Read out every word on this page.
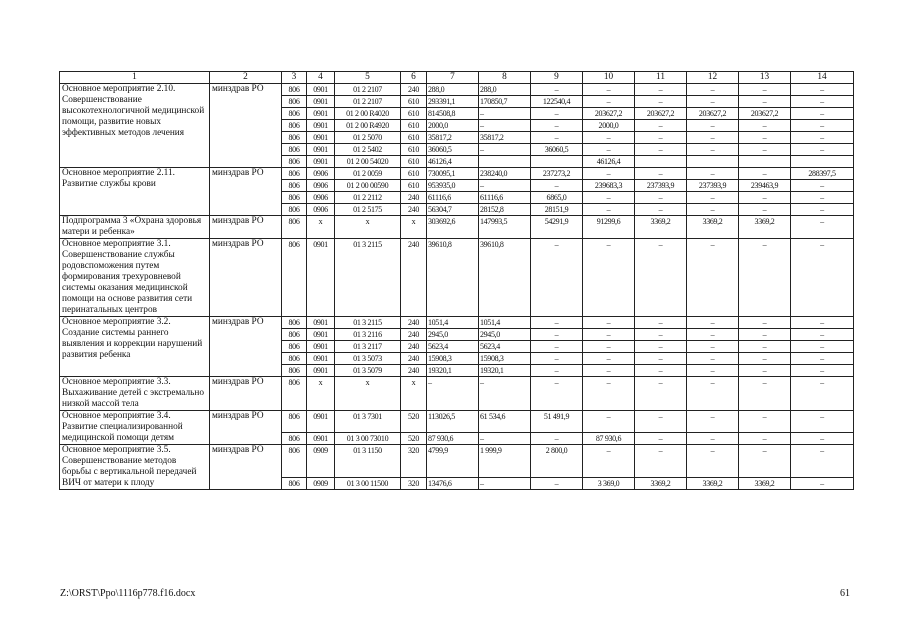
1	2	3	4	5	6	7	8	9	10	11	12	13	14
Основное мероприятие 2.10. Совершенствование высокотехнологичной медицинской помощи, развитие новых эффективных методов лечения	минздрав РО	806	0901	01 2 2107	240	288,0	288,0	–	–	–	–	–	–
		806	0901	01 2 2107	610	293391,1	170850,7	122540,4	–	–	–	–	–
		806	0901	01 2 00 R4020	610	814508,8	–	–	203627,2	203627,2	203627,2	203627,2	–
		806	0901	01 2 00 R4920	610	2000,0	–	–	2000,0	–	–	–	–
		806	0901	01 2 5070	610	35817,2	35817,2	–	–	–	–	–	–
		806	0901	01 2 5402	610	36060,5	–	36060,5	–	–	–	–	–
		806	0901	01 2 00 54020	610	46126,4			46126,4				
Основное мероприятие 2.11. Развитие службы крови	минздрав РО	806	0906	01 2 0059	610	730095,1	238240,0	237273,2	–	–	–	–	288397,5
		806	0906	01 2 00 00590	610	953935,0	–	–	239683,3	237393,9	237393,9	239463,9	–
		806	0906	01 2 2112	240	61116,6	61116,6	6865,0	–	–	–	–	–
		806	0906	01 2 5175	240	56304,7	28152,8	28151,9	–	–	–	–	–
Подпрограмма 3 «Охрана здоровья матери и ребенка»	минздрав РО	806	х	х	х	303692,6	147993,5	54291,9	91299,6	3369,2	3369,2	3369,2	–
Основное мероприятие 3.1. Совершенствование службы родовспоможения путем формирования трехуровневой системы оказания медицинской помощи на основе развития сети перинатальных центров	минздрав РО	806	0901	01 3 2115	240	39610,8	39610,8	–	–	–	–	–	–
Основное мероприятие 3.2. Создание системы раннего выявления и коррекции нарушений развития ребенка	минздрав РО	806	0901	01 3 2115	240	1051,4	1051,4	–	–	–	–	–	–
		806	0901	01 3 2116	240	2945,0	2945,0	–	–	–	–	–	–
		806	0901	01 3 2117	240	5623,4	5623,4	–	–	–	–	–	–
		806	0901	01 3 5073	240	15908,3	15908,3	–	–	–	–	–	–
		806	0901	01 3 5079	240	19320,1	19320,1	–	–	–	–	–	–
Основное мероприятие 3.3. Выхаживание детей с экстремально низкой массой тела	минздрав РО	806	х	х	х	–	–	–	–	–	–	–	–
Основное мероприятие 3.4. Развитие специализированной медицинской помощи детям	минздрав РО	806	0901	01 3 7301	520	113026,5	61 534,6	51 491,9	–	–	–	–	–
		806	0901	01 3 00 73010	520	87 930,6	–	–	87 930,6	–	–	–	–
Основное мероприятие 3.5. Совершенствование методов борьбы с вертикальной передачей ВИЧ от матери к плоду	минздрав РО	806	0909	01 3 1150	320	4799,9	1 999,9	2 800,0	–	–	–	–	–
		806	0909	01 3 00 11500	320	13476,6	–	–	3 369,0	3369,2	3369,2	3369,2	–
Z:\ORST\Ppo\1116p778.f16.docx	61
